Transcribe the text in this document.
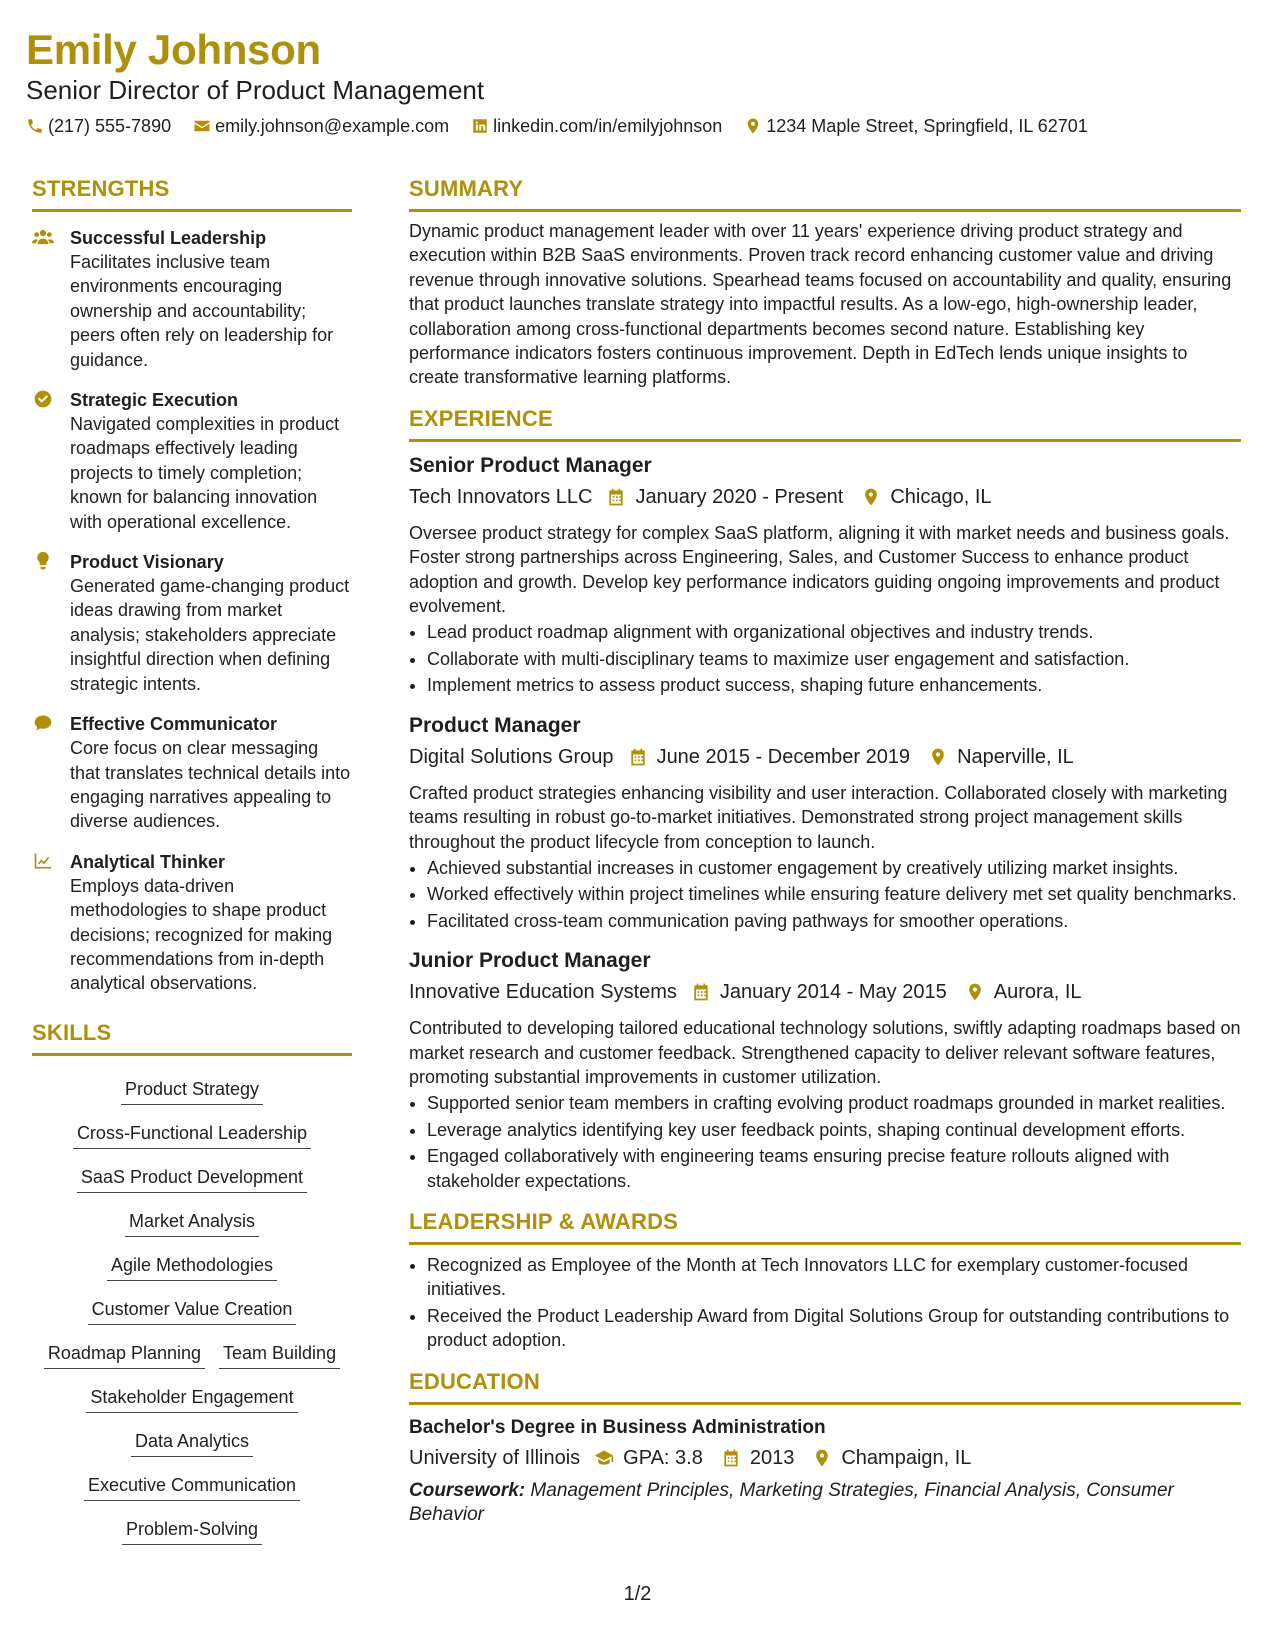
Emily Johnson
Senior Director of Product Management
(217) 555-7890 emily.johnson@example.com linkedin.com/in/emilyjohnson 1234 Maple Street, Springfield, IL 62701
STRENGTHS
Successful Leadership
Facilitates inclusive team environments encouraging ownership and accountability; peers often rely on leadership for guidance.
Strategic Execution
Navigated complexities in product roadmaps effectively leading projects to timely completion; known for balancing innovation with operational excellence.
Product Visionary
Generated game-changing product ideas drawing from market analysis; stakeholders appreciate insightful direction when defining strategic intents.
Effective Communicator
Core focus on clear messaging that translates technical details into engaging narratives appealing to diverse audiences.
Analytical Thinker
Employs data-driven methodologies to shape product decisions; recognized for making recommendations from in-depth analytical observations.
SKILLS
Product Strategy
Cross-Functional Leadership
SaaS Product Development
Market Analysis
Agile Methodologies
Customer Value Creation
Roadmap Planning Team Building
Stakeholder Engagement
Data Analytics
Executive Communication
Problem-Solving
SUMMARY
Dynamic product management leader with over 11 years' experience driving product strategy and execution within B2B SaaS environments. Proven track record enhancing customer value and driving revenue through innovative solutions. Spearhead teams focused on accountability and quality, ensuring that product launches translate strategy into impactful results. As a low-ego, high-ownership leader, collaboration among cross-functional departments becomes second nature. Establishing key performance indicators fosters continuous improvement. Depth in EdTech lends unique insights to create transformative learning platforms.
EXPERIENCE
Senior Product Manager
Tech Innovators LLC January 2020 - Present Chicago, IL
Oversee product strategy for complex SaaS platform, aligning it with market needs and business goals. Foster strong partnerships across Engineering, Sales, and Customer Success to enhance product adoption and growth. Develop key performance indicators guiding ongoing improvements and product evolvement.
• Lead product roadmap alignment with organizational objectives and industry trends.
• Collaborate with multi-disciplinary teams to maximize user engagement and satisfaction.
• Implement metrics to assess product success, shaping future enhancements.
Product Manager
Digital Solutions Group June 2015 - December 2019 Naperville, IL
Crafted product strategies enhancing visibility and user interaction. Collaborated closely with marketing teams resulting in robust go-to-market initiatives. Demonstrated strong project management skills throughout the product lifecycle from conception to launch.
• Achieved substantial increases in customer engagement by creatively utilizing market insights.
• Worked effectively within project timelines while ensuring feature delivery met set quality benchmarks.
• Facilitated cross-team communication paving pathways for smoother operations.
Junior Product Manager
Innovative Education Systems January 2014 - May 2015 Aurora, IL
Contributed to developing tailored educational technology solutions, swiftly adapting roadmaps based on market research and customer feedback. Strengthened capacity to deliver relevant software features, promoting substantial improvements in customer utilization.
• Supported senior team members in crafting evolving product roadmaps grounded in market realities.
• Leverage analytics identifying key user feedback points, shaping continual development efforts.
• Engaged collaboratively with engineering teams ensuring precise feature rollouts aligned with stakeholder expectations.
LEADERSHIP & AWARDS
• Recognized as Employee of the Month at Tech Innovators LLC for exemplary customer-focused initiatives.
• Received the Product Leadership Award from Digital Solutions Group for outstanding contributions to product adoption.
EDUCATION
Bachelor's Degree in Business Administration
University of Illinois GPA: 3.8 2013 Champaign, IL
Coursework: Management Principles, Marketing Strategies, Financial Analysis, Consumer Behavior
1/2
